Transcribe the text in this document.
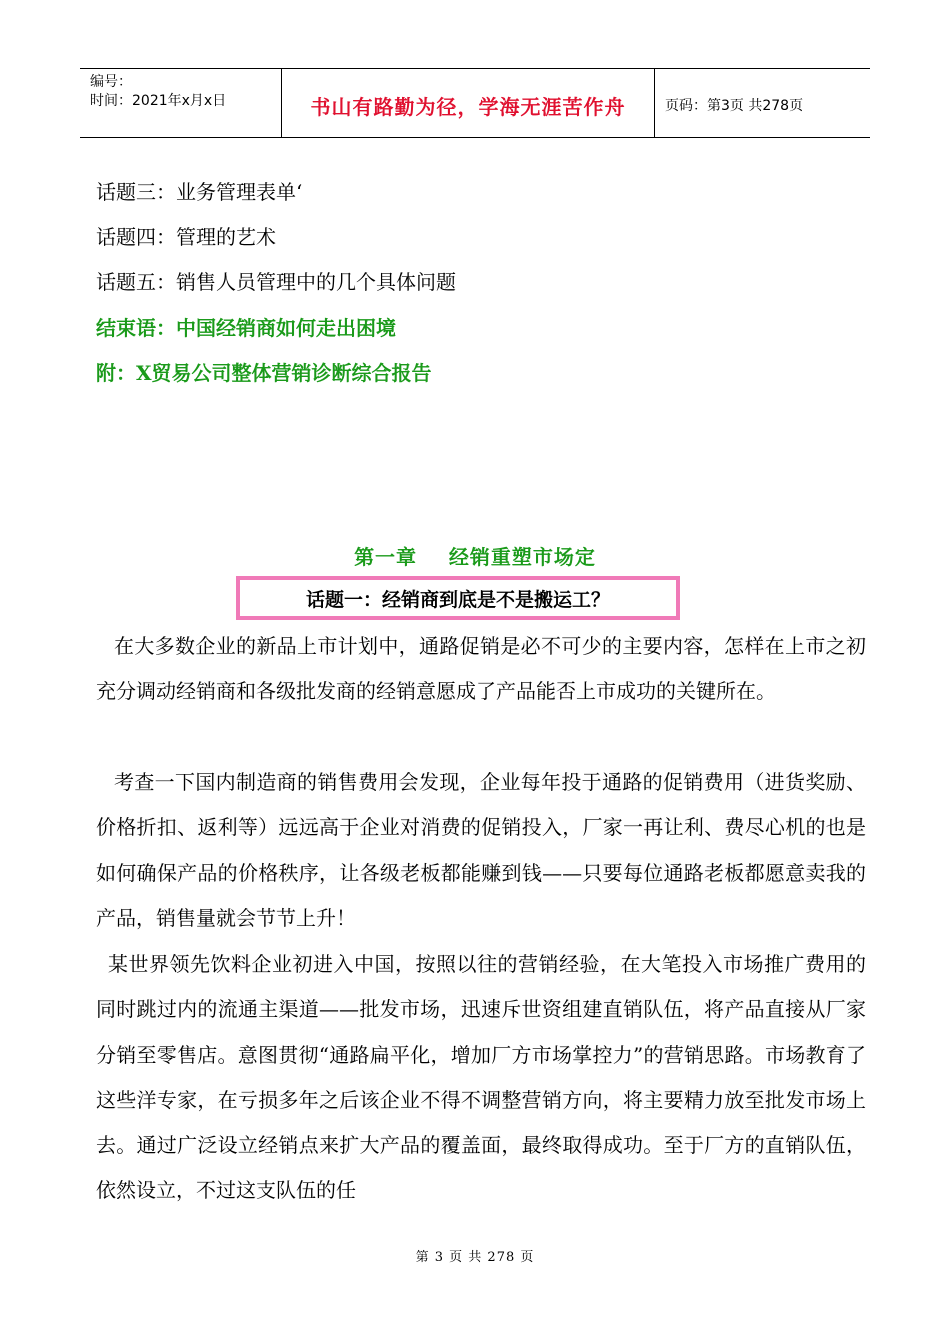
编号：
时间：2021年x月x日	书山有路勤为径，学海无涯苦作舟	页码：第3页 共278页
话题三：业务管理表单‘
话题四：管理的艺术
话题五：销售人员管理中的几个具体问题
结束语：中国经销商如何走出困境
附：X贸易公司整体营销诊断综合报告
第一章    经销重塑市场定
话题一：经销商到底是不是搬运工？

在大多数企业的新品上市计划中，通路促销是必不可少的主要内容，怎样在上市之初充分调动经销商和各级批发商的经销意愿成了产品能否上市成功的关键所在。

考查一下国内制造商的销售费用会发现，企业每年投于通路的促销费用（进货奖励、价格折扣、返利等）远远高于企业对消费的促销投入，厂家一再让利、费尽心机的也是如何确保产品的价格秩序，让各级老板都能赚到钱——只要每位通路老板都愿意卖我的产品，销售量就会节节上升！

某世界领先饮料企业初进入中国，按照以往的营销经验，在大笔投入市场推广费用的同时跳过内的流通主渠道——批发市场，迅速斥世资组建直销队伍，将产品直接从厂家分销至零售店。意图贯彻“通路扁平化，增加厂方市场掌控力”的营销思路。市场教育了这些洋专家，在亏损多年之后该企业不得不调整营销方向，将主要精力放至批发市场上去。通过广泛设立经销点来扩大产品的覆盖面，最终取得成功。至于厂方的直销队伍，依然设立，不过这支队伍的任

第 3 页 共 278 页
